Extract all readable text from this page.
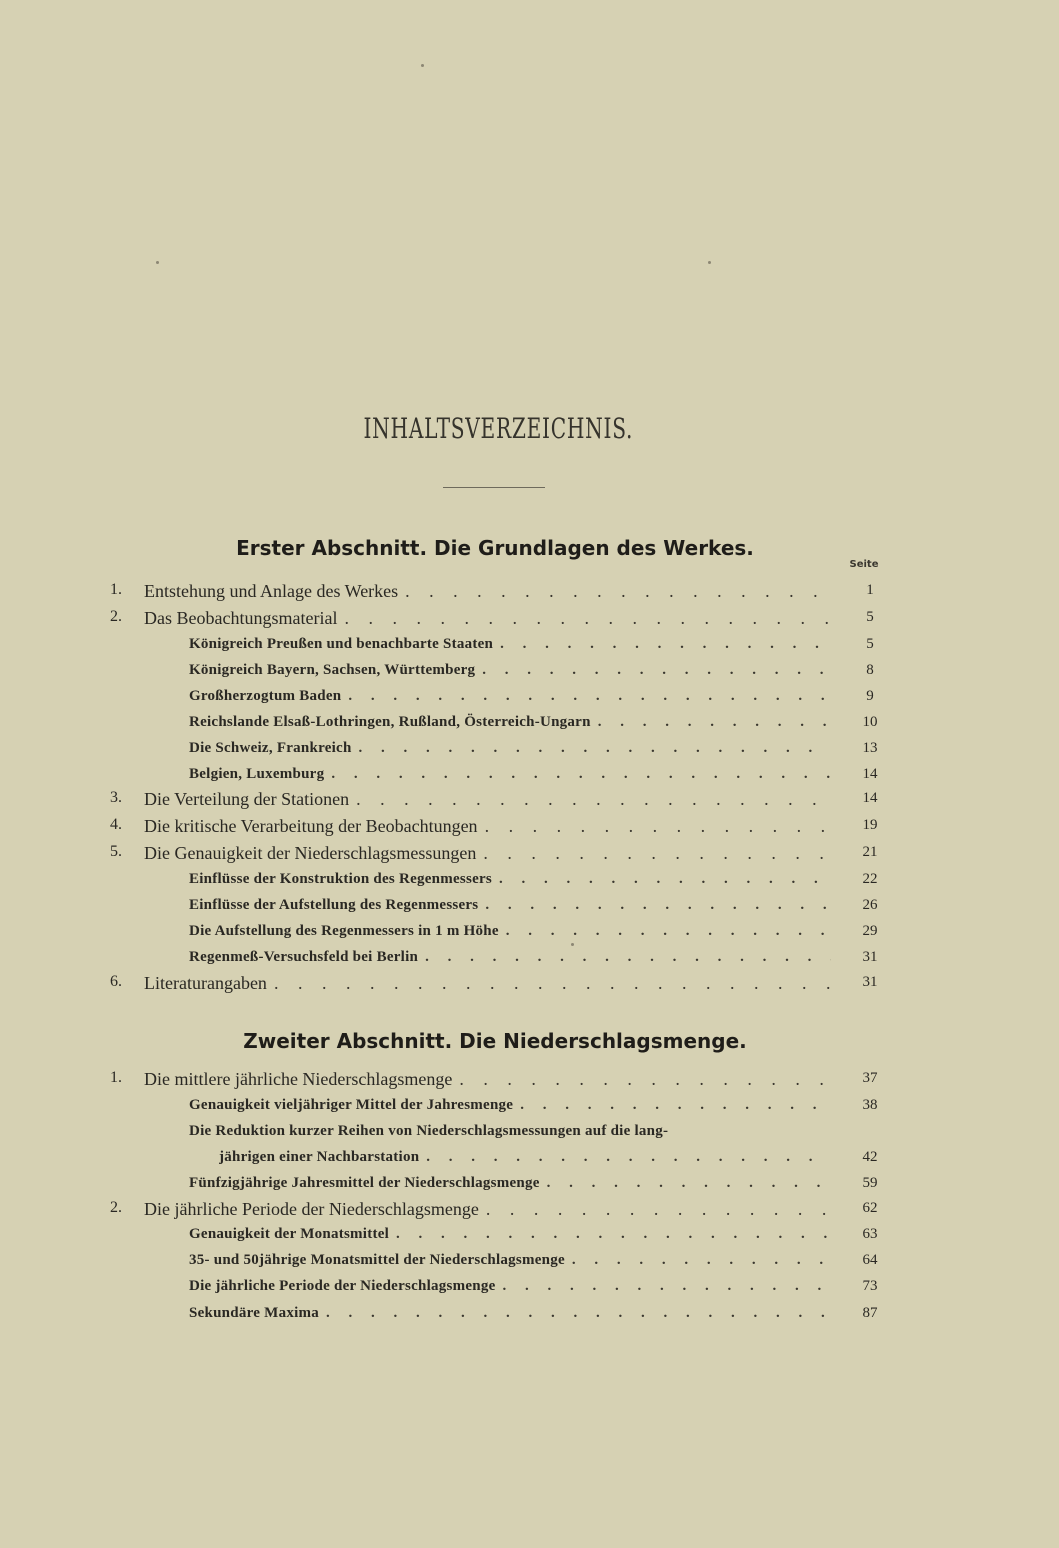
INHALTSVERZEICHNIS.
Erster Abschnitt. Die Grundlagen des Werkes.
Seite
Zweiter Abschnitt. Die Niederschlagsmenge.
1.	Entstehung und Anlage des Werkes . . .	1
2.	Das Beobachtungsmaterial . . .	5
Königreich Preußen und benachbarte Staaten . . .	5
Königreich Bayern, Sachsen, Württemberg . . .	8
Großherzogtum Baden . . .	9
Reichslande Elsaß-Lothringen, Rußland, Österreich-Ungarn . . .	10
Die Schweiz, Frankreich . . .	13
Belgien, Luxemburg . . .	14
3.	Die Verteilung der Stationen . . .	14
4.	Die kritische Verarbeitung der Beobachtungen . . .	19
5.	Die Genauigkeit der Niederschlagsmessungen . . .	21
Einflüsse der Konstruktion des Regenmessers . . .	22
Einflüsse der Aufstellung des Regenmessers . . .	26
Die Aufstellung des Regenmessers in 1 m Höhe . . .	29
Regenmeß-Versuchsfeld bei Berlin . . .	31
6.	Literaturangaben . . .	31
1.	Die mittlere jährliche Niederschlagsmenge . . .	37
Genauigkeit vieljähriger Mittel der Jahresmenge . . .	38
Die Reduktion kurzer Reihen von Niederschlagsmessungen auf die lang-
jährigen einer Nachbarstation . . .	42
Fünfzigjährige Jahresmittel der Niederschlagsmenge . . .	59
2.	Die jährliche Periode der Niederschlagsmenge . . .	62
Genauigkeit der Monatsmittel . . .	63
35- und 50jährige Monatsmittel der Niederschlagsmenge . . .	64
Die jährliche Periode der Niederschlagsmenge . . .	73
Sekundäre Maxima . . .	87
